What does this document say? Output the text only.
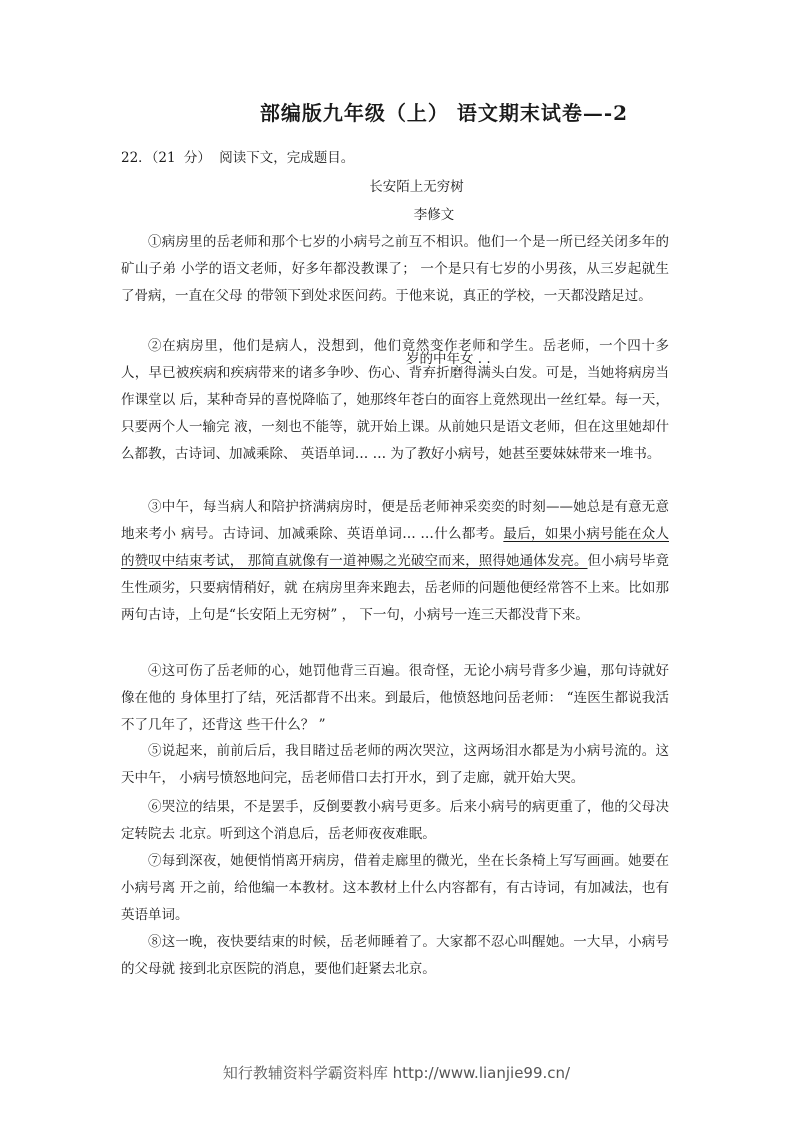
部编版九年级（上） 语文期末试卷—-2
22．（21 分） 阅读下文，完成题目。
长安陌上无穷树
李修文

①病房里的岳老师和那个七岁的小病号之前互不相识。他们一个是一所已经关闭多年的矿山子弟 小学的语文老师，好多年都没教课了； 一个是只有七岁的小男孩，从三岁起就生了骨病，一直在父母 的带领下到处求医问药。于他来说，真正的学校，一天都没踏足过。

②在病房里，他们是病人，没想到，他们竟然变作老师和学生。岳老师，一个四十多人，早已被疾病和疾病带来的诸多争吵、伤心、背弃折磨得满头白发。可是，当她将病房当作课堂以 后，某种奇异的喜悦降临了，她那终年苍白的面容上竟然现出一丝红晕。每一天，只要两个人一输完 液，一刻也不能等，就开始上课。从前她只是语文老师，但在这里她却什么都教，古诗词、加减乘除、 英语单词… … 为了教好小病号，她甚至要妹妹带来一堆书。

岁的中年女 . .

③中午，每当病人和陪护挤满病房时，便是岳老师神采奕奕的时刻——她总是有意无意地来考小 病号。古诗词、加减乘除、英语单词… …什么都考。最后，如果小病号能在众人的赞叹中结束考试， 那简直就像有一道神赐之光破空而来，照得她通体发亮。但小病号毕竟生性顽劣，只要病情稍好，就 在病房里奔来跑去，岳老师的问题他便经常答不上来。比如那两句古诗，上句是“长安陌上无穷树” ， 下一句，小病号一连三天都没背下来。

④这可伤了岳老师的心，她罚他背三百遍。很奇怪，无论小病号背多少遍，那句诗就好像在他的 身体里打了结，死活都背不出来。到最后，他愤怒地问岳老师： “连医生都说我活不了几年了，还背这 些干什么？ ”

⑤说起来，前前后后，我目睹过岳老师的两次哭泣，这两场泪水都是为小病号流的。这天中午， 小病号愤怒地问完，岳老师借口去打开水，到了走廊，就开始大哭。

⑥哭泣的结果，不是罢手，反倒要教小病号更多。后来小病号的病更重了，他的父母决定转院去 北京。听到这个消息后，岳老师夜夜难眠。

⑦每到深夜，她便悄悄离开病房，借着走廊里的微光，坐在长条椅上写写画画。她要在小病号离 开之前，给他编一本教材。这本教材上什么内容都有，有古诗词，有加减法，也有英语单词。

⑧这一晚，夜快要结束的时候，岳老师睡着了。大家都不忍心叫醒她。一大早，小病号的父母就 接到北京医院的消息，要他们赶紧去北京。

知行教辅资料学霸资料库 http://www.lianjie99.cn/
